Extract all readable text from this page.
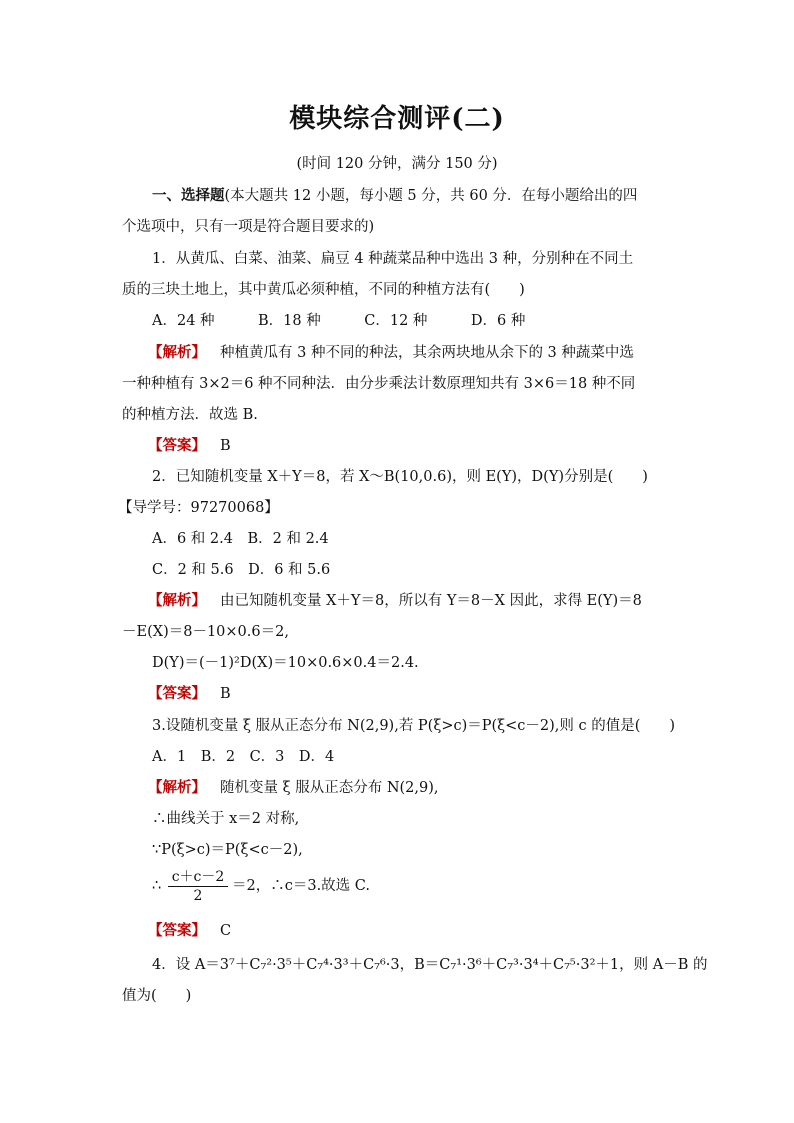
模块综合测评(二)
(时间 120 分钟，满分 150 分)
一、选择题(本大题共 12 小题，每小题 5 分，共 60 分．在每小题给出的四
个选项中，只有一项是符合题目要求的)
1．从黄瓜、白菜、油菜、扁豆 4 种蔬菜品种中选出 3 种，分别种在不同土
质的三块土地上，其中黄瓜必须种植，不同的种植方法有(　　)
A．24 种　　　B．18 种　　　C．12 种　　　D．6 种
【解析】 种植黄瓜有 3 种不同的种法，其余两块地从余下的 3 种蔬菜中选
一种种植有 3×2＝6 种不同种法．由分步乘法计数原理知共有 3×6＝18 种不同
的种植方法．故选 B.
【答案】 B
2．已知随机变量 X＋Y＝8，若 X～B(10,0.6)，则 E(Y)，D(Y)分别是(　　)
【导学号：97270068】
A．6 和 2.4　B．2 和 2.4
C．2 和 5.6　D．6 和 5.6
【解析】 由已知随机变量 X＋Y＝8，所以有 Y＝8－X 因此，求得 E(Y)＝8
－E(X)＝8－10×0.6＝2,
D(Y)＝(－1)²D(X)＝10×0.6×0.4＝2.4.
【答案】 B
3.设随机变量 ξ 服从正态分布 N(2,9),若 P(ξ>c)＝P(ξ<c－2),则 c 的值是(　　)
A．1　B．2　C．3　D．4
【解析】 随机变量 ξ 服从正态分布 N(2,9),
∴曲线关于 x＝2 对称,
∵P(ξ>c)＝P(ξ<c－2),
∴
c＋c－2
2
＝2，∴c＝3.故选 C.
【答案】 C
4．设 A＝3⁷＋C₇²·3⁵＋C₇⁴·3³＋C₇⁶·3，B＝C₇¹·3⁶＋C₇³·3⁴＋C₇⁵·3²＋1，则 A－B 的
值为(　　)
